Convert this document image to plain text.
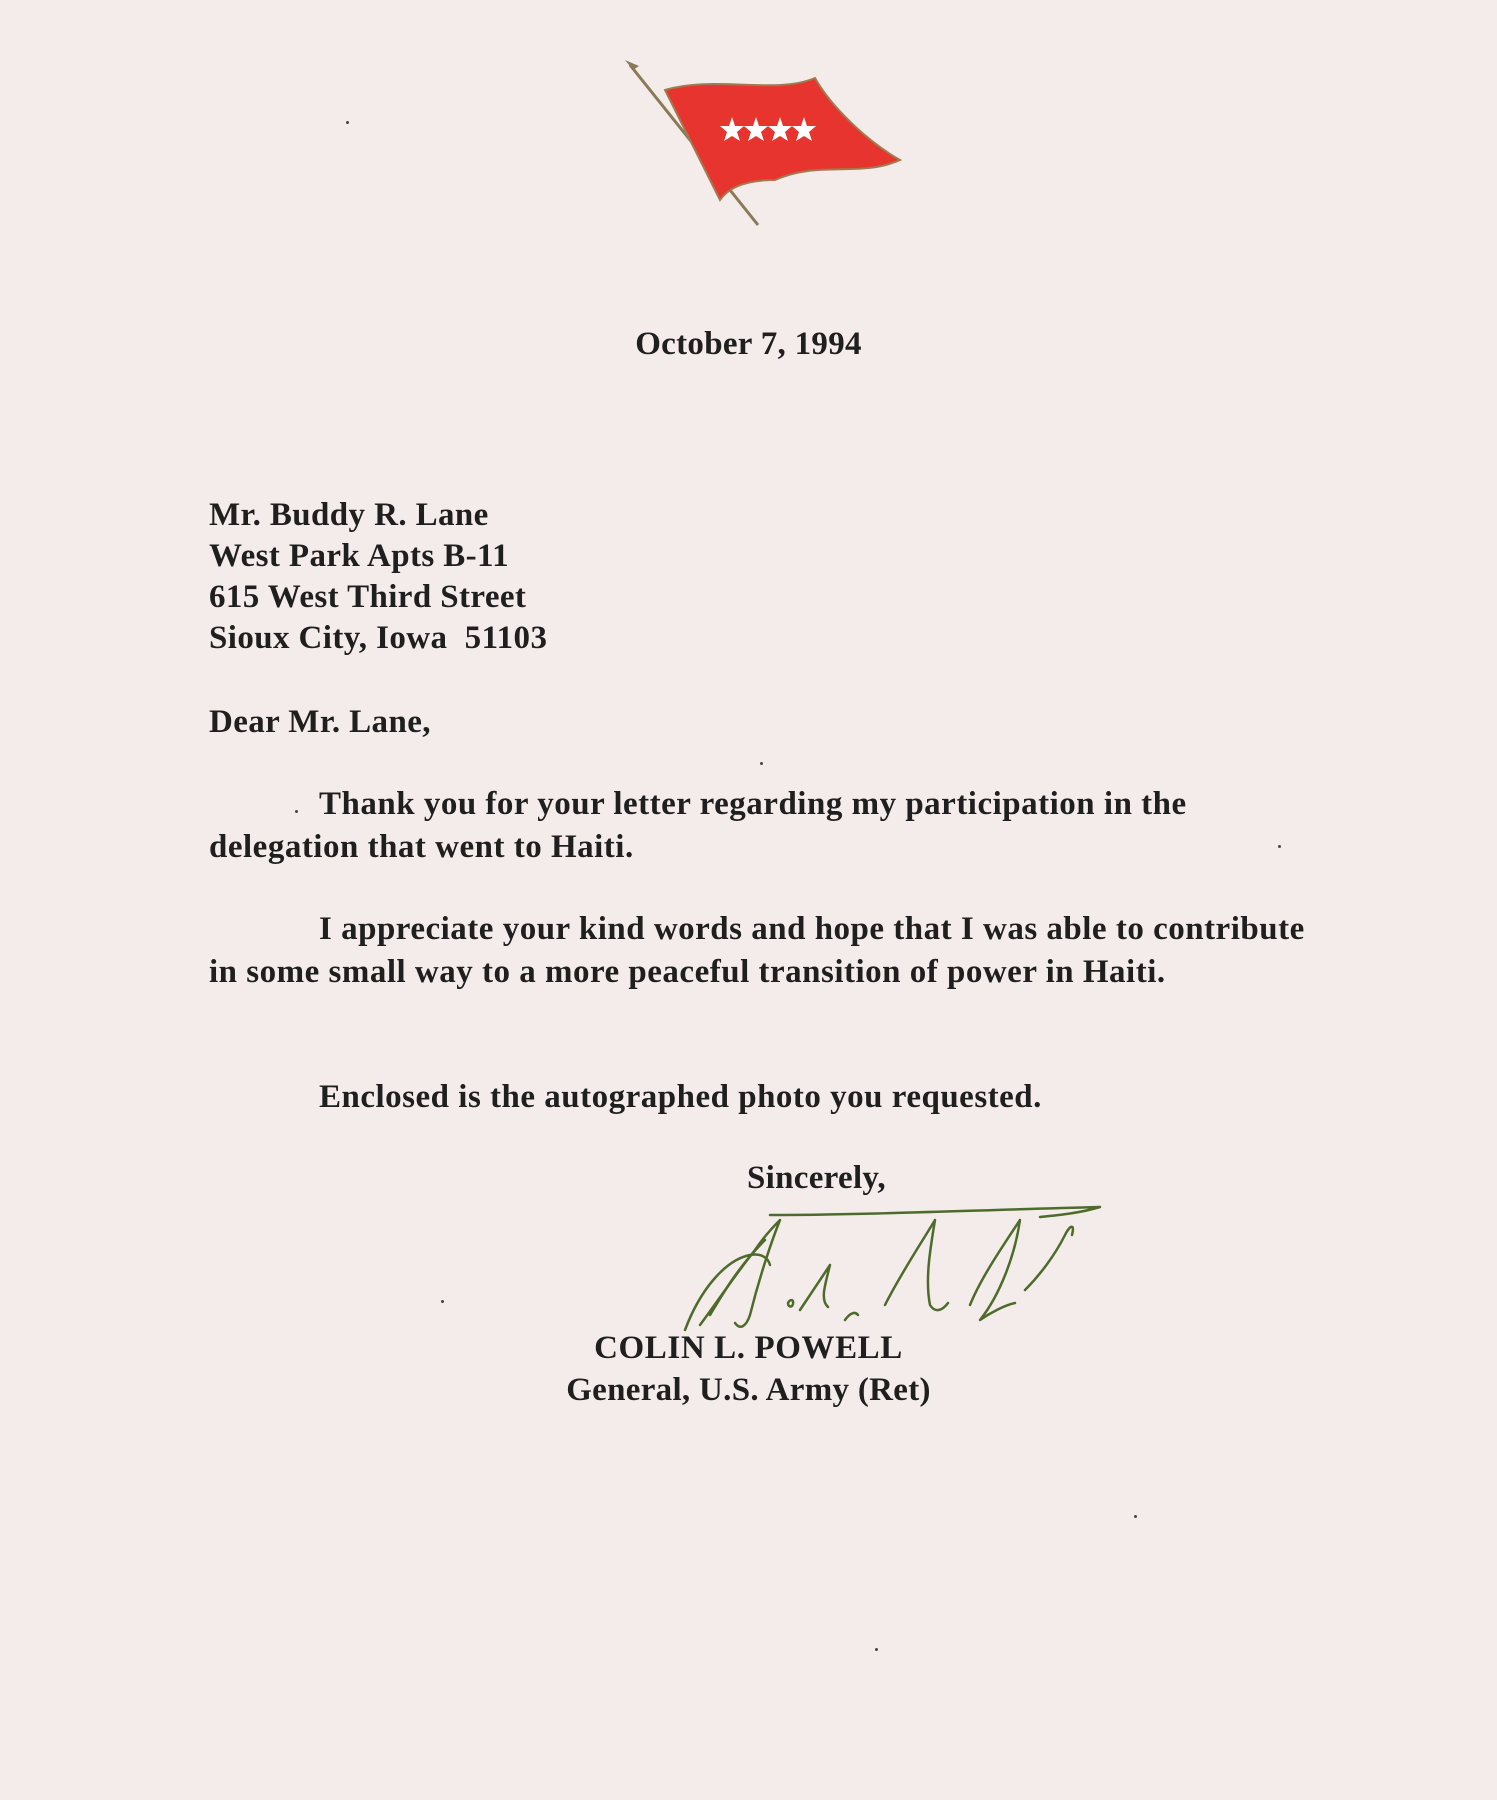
October 7, 1994
Mr. Buddy R. Lane
West Park Apts B-11
615 West Third Street
Sioux City, Iowa  51103
Dear Mr. Lane,
Thank you for your letter regarding my participation in the delegation that went to Haiti.
I appreciate your kind words and hope that I was able to contribute in some small way to a more peaceful transition of power in Haiti.
Enclosed is the autographed photo you requested.
Sincerely,
COLIN L. POWELL
General, U.S. Army (Ret)
